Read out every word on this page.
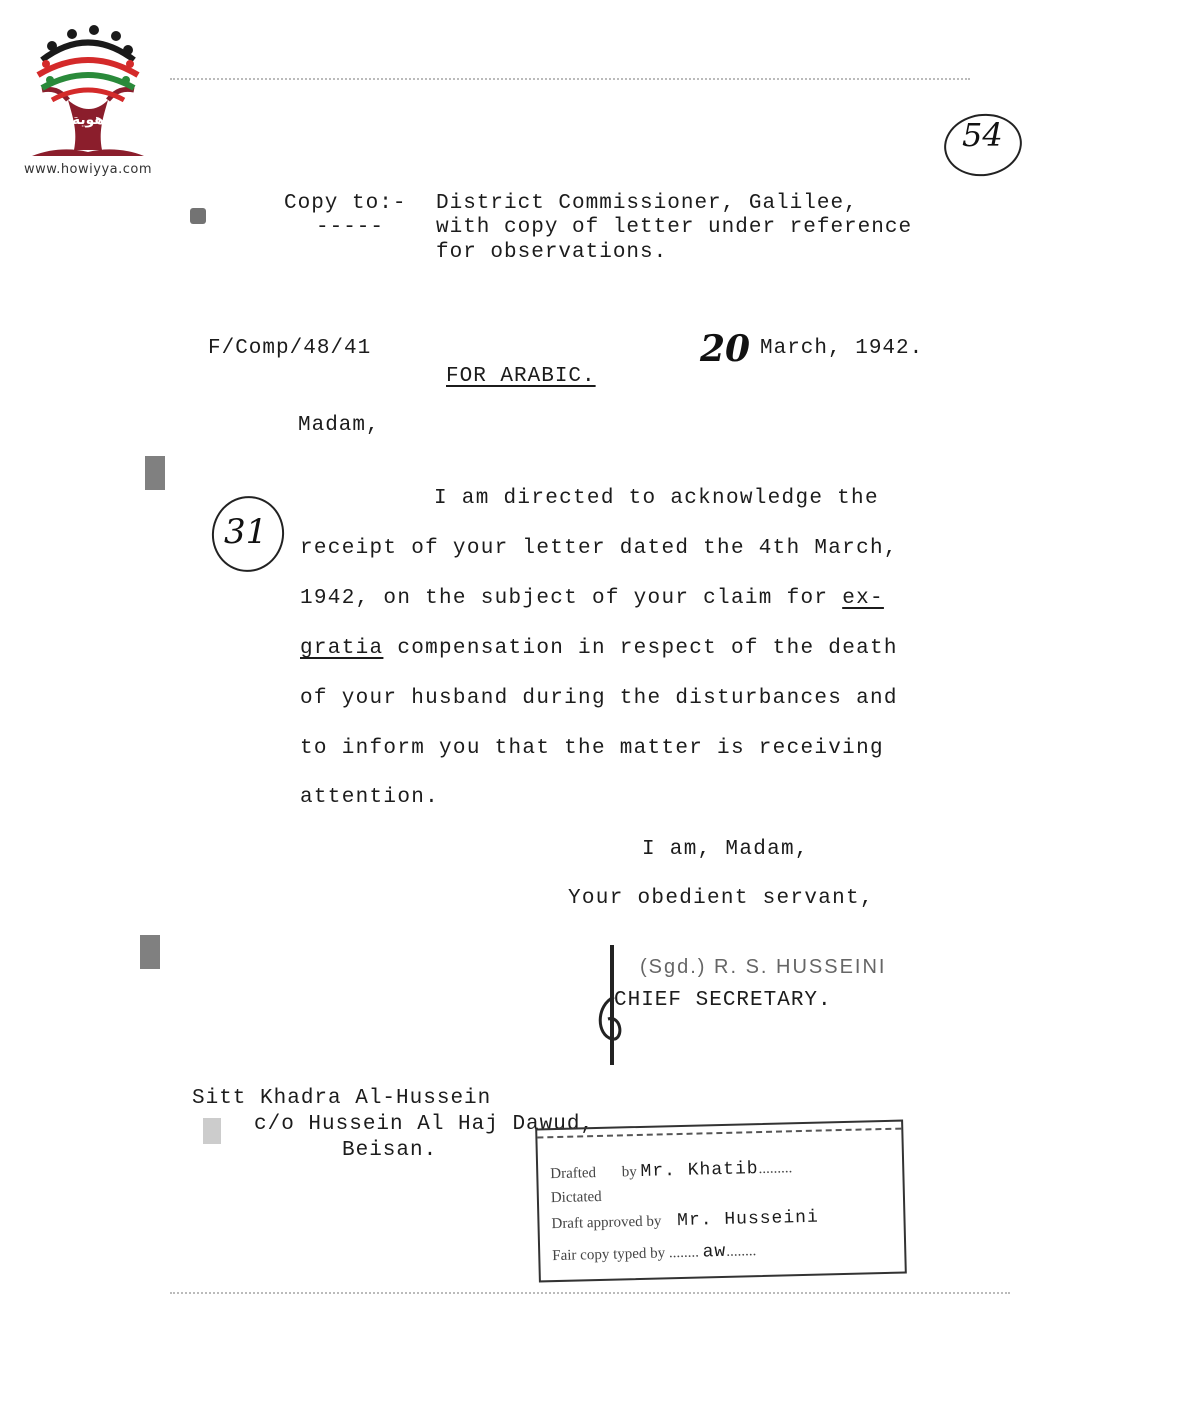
هوية
www.howiyya.com
54
Copy to:-
-----
District Commissioner, Galilee,
with copy of letter under reference
for observations.
F/Comp/48/41	20 March, 1942.
FOR ARABIC.
Madam,
31
I am directed to acknowledge the
receipt of your letter dated the 4th March,
1942, on the subject of your claim for ex-
gratia compensation in respect of the death
of your husband during the disturbances and
to inform you that the matter is receiving
attention.
I am, Madam,
Your obedient servant,
(Sgd.) R. S. HUSSEINI
CHIEF SECRETARY.
Sitt Khadra Al-Hussein
c/o Hussein Al Haj Dawud,
Beisan.
Drafted by Mr. Khatib.........
Dictated
Draft approved by Mr. Husseini
Fair copy typed by ........ aw........
